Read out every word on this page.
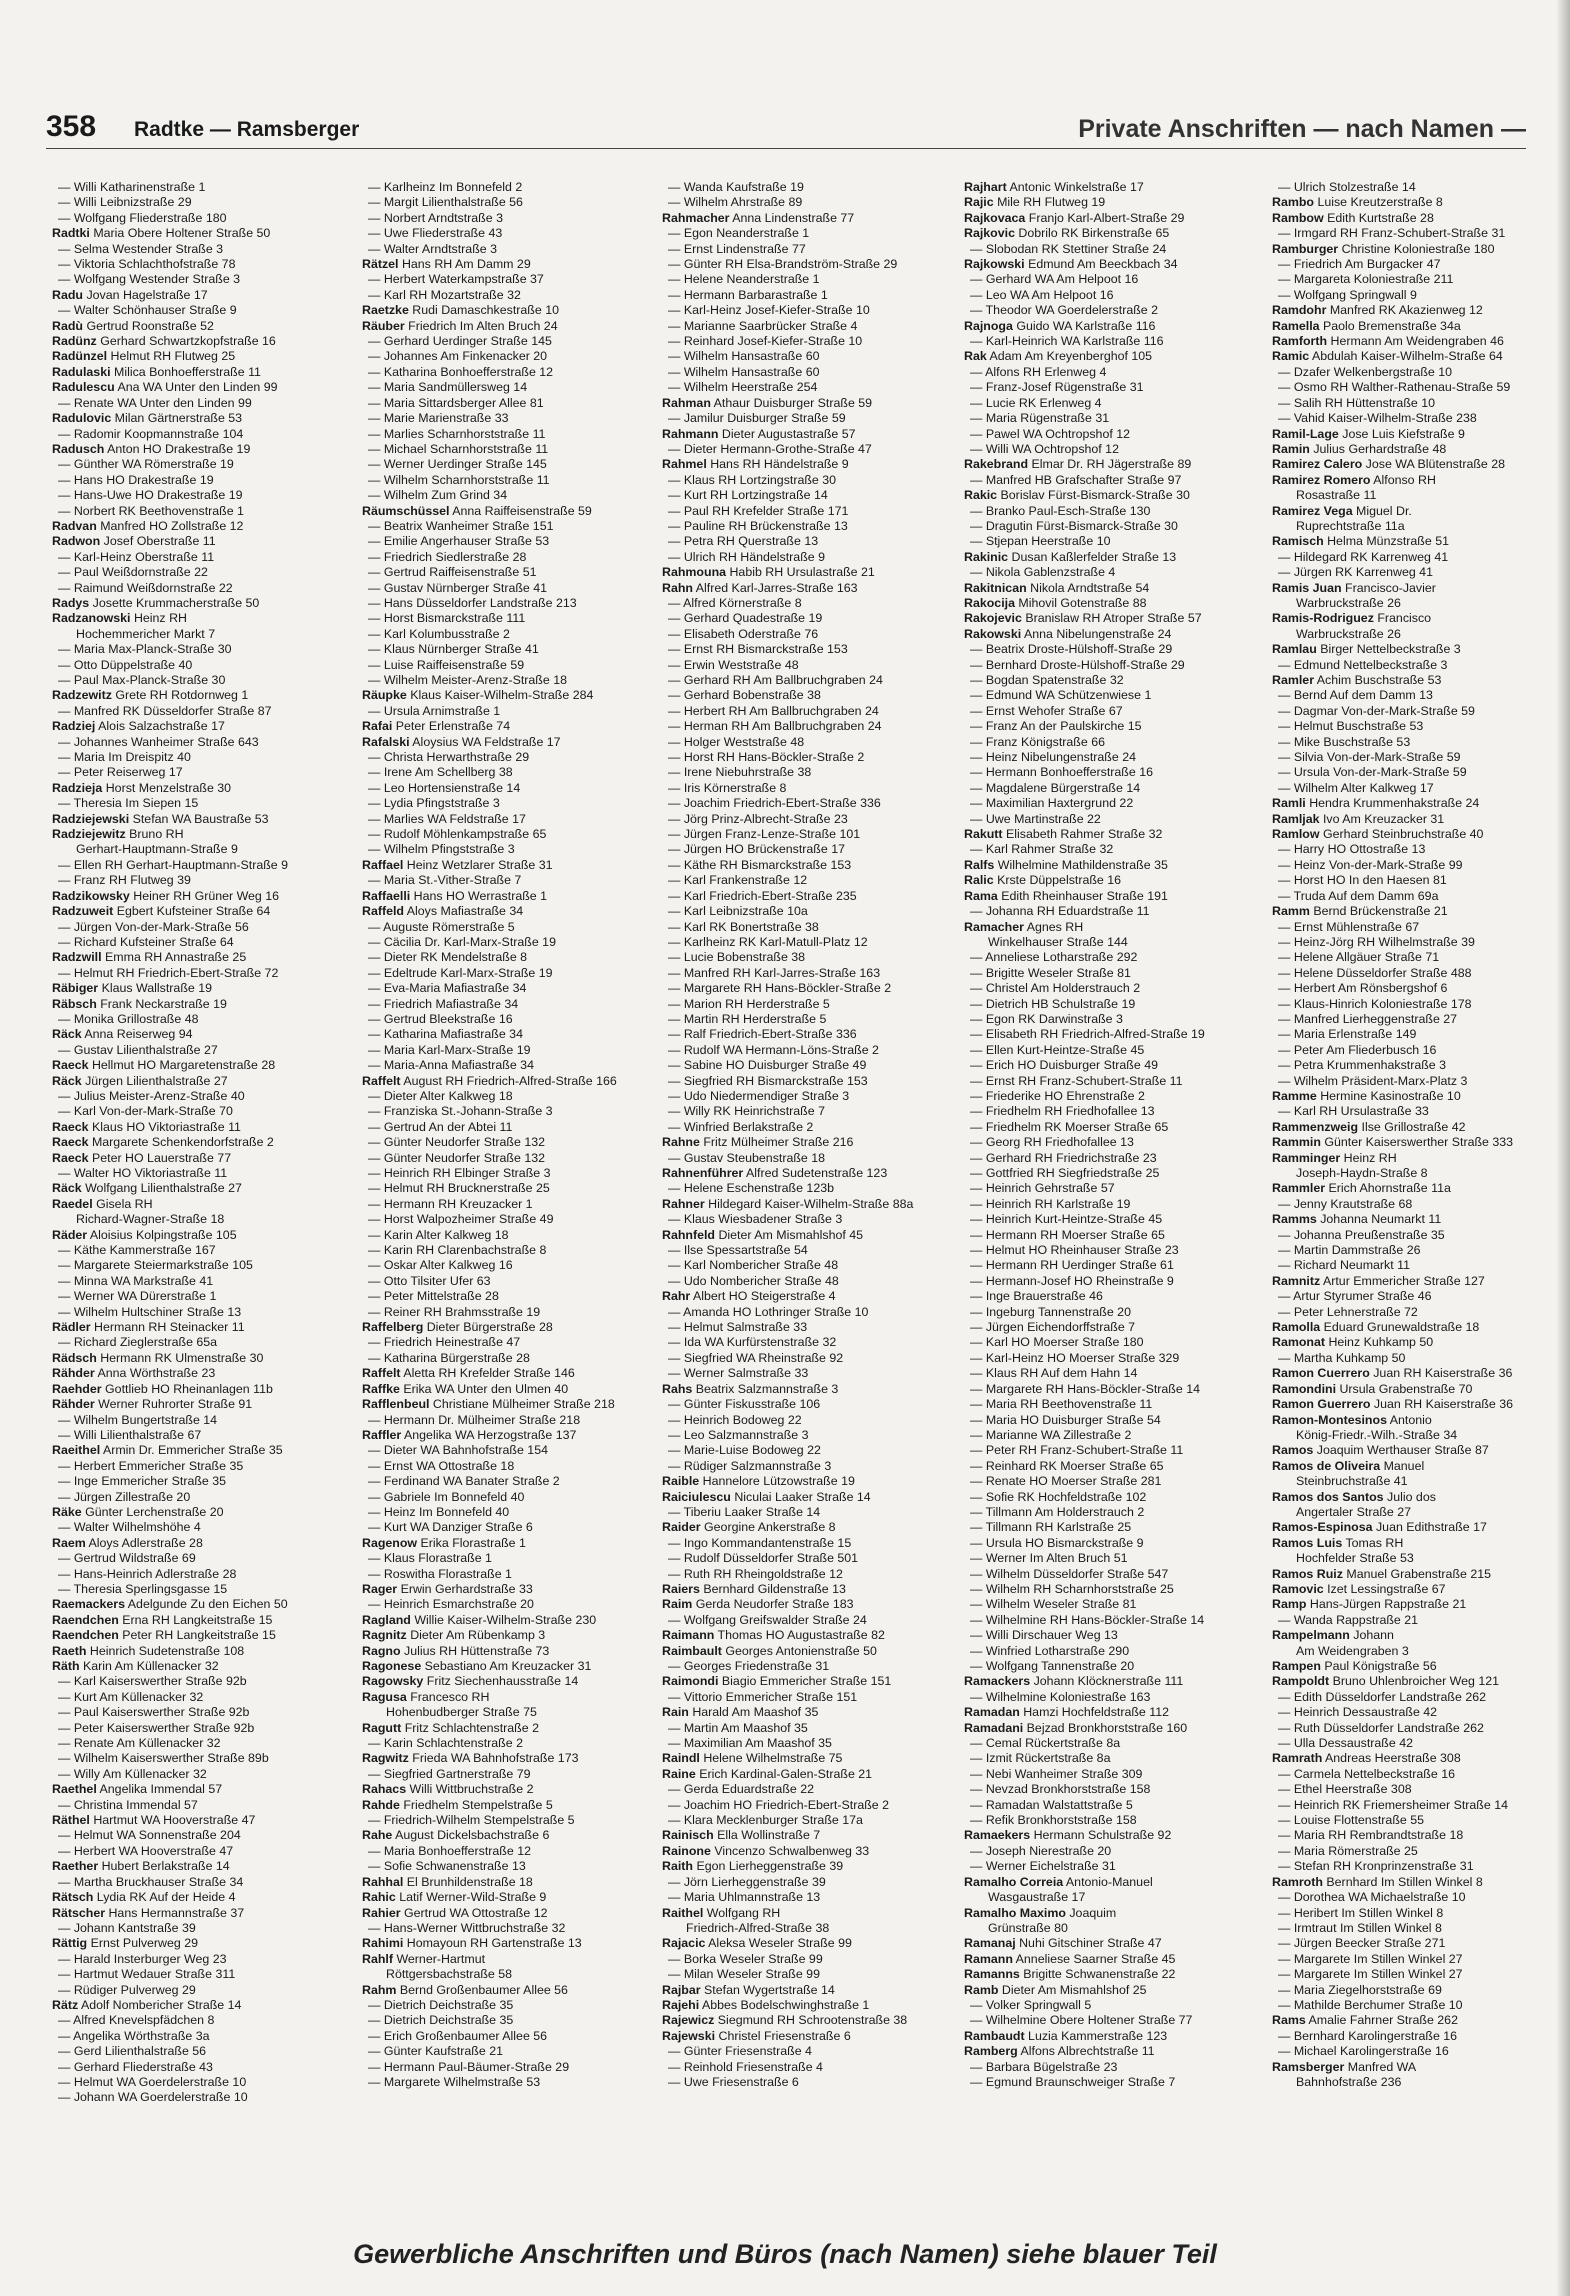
358 Radtke — Ramsberger	Private Anschriften — nach Namen —
— Willi Katharinenstraße 1
— Willi Leibnizstraße 29
— Wolfgang Fliederstraße 180
Radtki Maria Obere Holtener Straße 50
— Selma Westender Straße 3
— Viktoria Schlachthofstraße 78
— Wolfgang Westender Straße 3
Radu Jovan Hagelstraße 17
— Walter Schönhauser Straße 9
Radù Gertrud Roonstraße 52
Radünz Gerhard Schwartzkopfstraße 16
Radünzel Helmut RH Flutweg 25
Radulaski Milica Bonhoefferstraße 11
Radulescu Ana WA Unter den Linden 99
— Renate WA Unter den Linden 99
Radulovic Milan Gärtnerstraße 53
— Radomir Koopmannstraße 104
Radusch Anton HO Drakestraße 19
— Günther WA Römerstraße 19
— Hans HO Drakestraße 19
— Hans-Uwe HO Drakestraße 19
— Norbert RK Beethovenstraße 1
Radvan Manfred HO Zollstraße 12
Radwon Josef Oberstraße 11
— Karl-Heinz Oberstraße 11
— Paul Weißdornstraße 22
— Raimund Weißdornstraße 22
Radys Josette Krummacherstraße 50
Radzanowski Heinz RH
Hochemmericher Markt 7
— Maria Max-Planck-Straße 30
— Otto Düppelstraße 40
— Paul Max-Planck-Straße 30
Radzewitz Grete RH Rotdornweg 1
— Manfred RK Düsseldorfer Straße 87
Radziej Alois Salzachstraße 17
— Johannes Wanheimer Straße 643
— Maria Im Dreispitz 40
— Peter Reiserweg 17
Radzieja Horst Menzelstraße 30
— Theresia Im Siepen 15
Radziejewski Stefan WA Baustraße 53
Radziejewitz Bruno RH
Gerhart-Hauptmann-Straße 9
— Ellen RH Gerhart-Hauptmann-Straße 9
— Franz RH Flutweg 39
Radzikowsky Heiner RH Grüner Weg 16
Radzuweit Egbert Kufsteiner Straße 64
— Jürgen Von-der-Mark-Straße 56
— Richard Kufsteiner Straße 64
Radzwill Emma RH Annastraße 25
— Helmut RH Friedrich-Ebert-Straße 72
Räbiger Klaus Wallstraße 19
Räbsch Frank Neckarstraße 19
— Monika Grillostraße 48
Räck Anna Reiserweg 94
— Gustav Lilienthalstraße 27
Raeck Hellmut HO Margaretenstraße 28
Räck Jürgen Lilienthalstraße 27
— Julius Meister-Arenz-Straße 40
— Karl Von-der-Mark-Straße 70
Raeck Klaus HO Viktoriastraße 11
Raeck Margarete Schenkendorfstraße 2
Raeck Peter HO Lauerstraße 77
— Walter HO Viktoriastraße 11
Räck Wolfgang Lilienthalstraße 27
Raedel Gisela RH
Richard-Wagner-Straße 18
Räder Aloisius Kolpingstraße 105
— Käthe Kammerstraße 167
— Margarete Steiermarkstraße 105
— Minna WA Markstraße 41
— Werner WA Dürerstraße 1
— Wilhelm Hultschiner Straße 13
Rädler Hermann RH Steinacker 11
— Richard Zieglerstraße 65a
Rädsch Hermann RK Ulmenstraße 30
Rähder Anna Wörthstraße 23
Raehder Gottlieb HO Rheinanlagen 11b
Rähder Werner Ruhrorter Straße 91
— Wilhelm Bungertstraße 14
— Willi Lilienthalstraße 67
Raeithel Armin Dr. Emmericher Straße 35
— Herbert Emmericher Straße 35
— Inge Emmericher Straße 35
— Jürgen Zillestraße 20
Räke Günter Lerchenstraße 20
— Walter Wilhelmshöhe 4
Raem Aloys Adlerstraße 28
— Gertrud Wildstraße 69
— Hans-Heinrich Adlerstraße 28
— Theresia Sperlingsgasse 15
Raemackers Adelgunde Zu den Eichen 50
Raendchen Erna RH Langkeitstraße 15
Raendchen Peter RH Langkeitstraße 15
Raeth Heinrich Sudetenstraße 108
Räth Karin Am Küllenacker 32
— Karl Kaiserswerther Straße 92b
— Kurt Am Küllenacker 32
— Paul Kaiserswerther Straße 92b
— Peter Kaiserswerther Straße 92b
— Renate Am Küllenacker 32
— Wilhelm Kaiserswerther Straße 89b
— Willy Am Küllenacker 32
Raethel Angelika Immendal 57
— Christina Immendal 57
Räthel Hartmut WA Hooverstraße 47
— Helmut WA Sonnenstraße 204
— Herbert WA Hooverstraße 47
Raether Hubert Berlakstraße 14
— Martha Bruckhauser Straße 34
Rätsch Lydia RK Auf der Heide 4
Rätscher Hans Hermannstraße 37
— Johann Kantstraße 39
Rättig Ernst Pulverweg 29
— Harald Insterburger Weg 23
— Hartmut Wedauer Straße 311
— Rüdiger Pulverweg 29
Rätz Adolf Nombericher Straße 14
— Alfred Knevelspfädchen 8
— Angelika Wörthstraße 3a
— Gerd Lilienthalstraße 56
— Gerhard Fliederstraße 43
— Helmut WA Goerdelerstraße 10
— Johann WA Goerdelerstraße 10
— Karlheinz Im Bonnefeld 2
— Margit Lilienthalstraße 56
— Norbert Arndtstraße 3
— Uwe Fliederstraße 43
— Walter Arndtstraße 3
Rätzel Hans RH Am Damm 29
— Herbert Waterkampstraße 37
— Karl RH Mozartstraße 32
Raetzke Rudi Damaschkestraße 10
Räuber Friedrich Im Alten Bruch 24
— Gerhard Uerdinger Straße 145
— Johannes Am Finkenacker 20
— Katharina Bonhoefferstraße 12
— Maria Sandmüllersweg 14
— Maria Sittardsberger Allee 81
— Marie Marienstraße 33
— Marlies Scharnhorststraße 11
— Michael Scharnhorststraße 11
— Werner Uerdinger Straße 145
— Wilhelm Scharnhorststraße 11
— Wilhelm Zum Grind 34
Räumschüssel Anna Raiffeisenstraße 59
— Beatrix Wanheimer Straße 151
— Emilie Angerhauser Straße 53
— Friedrich Siedlerstraße 28
— Gertrud Raiffeisenstraße 51
— Gustav Nürnberger Straße 41
— Hans Düsseldorfer Landstraße 213
— Horst Bismarckstraße 111
— Karl Kolumbusstraße 2
— Klaus Nürnberger Straße 41
— Luise Raiffeisenstraße 59
— Wilhelm Meister-Arenz-Straße 18
Räupke Klaus Kaiser-Wilhelm-Straße 284
— Ursula Arnimstraße 1
Rafai Peter Erlenstraße 74
Rafalski Aloysius WA Feldstraße 17
— Christa Herwarthstraße 29
— Irene Am Schellberg 38
— Leo Hortensienstraße 14
— Lydia Pfingststraße 3
— Marlies WA Feldstraße 17
— Rudolf Möhlenkampstraße 65
— Wilhelm Pfingststraße 3
Raffael Heinz Wetzlarer Straße 31
— Maria St.-Vither-Straße 7
Raffaelli Hans HO Werrastraße 1
Raffeld Aloys Mafiastraße 34
— Auguste Römerstraße 5
— Cäcilia Dr. Karl-Marx-Straße 19
— Dieter RK Mendelstraße 8
— Edeltrude Karl-Marx-Straße 19
— Eva-Maria Mafiastraße 34
— Friedrich Mafiastraße 34
— Gertrud Bleekstraße 16
— Katharina Mafiastraße 34
— Maria Karl-Marx-Straße 19
— Maria-Anna Mafiastraße 34
Raffelt August RH Friedrich-Alfred-Straße 166
— Dieter Alter Kalkweg 18
— Franziska St.-Johann-Straße 3
— Gertrud An der Abtei 11
— Günter Neudorfer Straße 132
— Günter Neudorfer Straße 132
— Heinrich RH Elbinger Straße 3
— Helmut RH Brucknerstraße 25
— Hermann RH Kreuzacker 1
— Horst Walpozheimer Straße 49
— Karin Alter Kalkweg 18
— Karin RH Clarenbachstraße 8
— Oskar Alter Kalkweg 16
— Otto Tilsiter Ufer 63
— Peter Mittelstraße 28
— Reiner RH Brahmsstraße 19
Raffelberg Dieter Bürgerstraße 28
— Friedrich Heinestraße 47
— Katharina Bürgerstraße 28
Raffelt Aletta RH Krefelder Straße 146
Raffke Erika WA Unter den Ulmen 40
Rafflenbeul Christiane Mülheimer Straße 218
— Hermann Dr. Mülheimer Straße 218
Raffler Angelika WA Herzogstraße 137
— Dieter WA Bahnhofstraße 154
— Ernst WA Ottostraße 18
— Ferdinand WA Banater Straße 2
— Gabriele Im Bonnefeld 40
— Heinz Im Bonnefeld 40
— Kurt WA Danziger Straße 6
Ragenow Erika Florastraße 1
— Klaus Florastraße 1
— Roswitha Florastraße 1
Rager Erwin Gerhardstraße 33
— Heinrich Esmarchstraße 20
Ragland Willie Kaiser-Wilhelm-Straße 230
Ragnitz Dieter Am Rübenkamp 3
Ragno Julius RH Hüttenstraße 73
Ragonese Sebastiano Am Kreuzacker 31
Ragowsky Fritz Siechenhausstraße 14
Ragusa Francesco RH
Hohenbudberger Straße 75
Ragutt Fritz Schlachtenstraße 2
— Karin Schlachtenstraße 2
Ragwitz Frieda WA Bahnhofstraße 173
— Siegfried Gartnerstraße 79
Rahacs Willi Wittbruchstraße 2
Rahde Friedhelm Stempelstraße 5
— Friedrich-Wilhelm Stempelstraße 5
Rahe August Dickelsbachstraße 6
— Maria Bonhoefferstraße 12
— Sofie Schwanenstraße 13
Rahhal El Brunhildenstraße 18
Rahic Latif Werner-Wild-Straße 9
Rahier Gertrud WA Ottostraße 12
— Hans-Werner Wittbruchstraße 32
Rahimi Homayoun RH Gartenstraße 13
Rahlf Werner-Hartmut
Röttgersbachstraße 58
Rahm Bernd Großenbaumer Allee 56
— Dietrich Deichstraße 35
— Dietrich Deichstraße 35
— Erich Großenbaumer Allee 56
— Günter Kaufstraße 21
— Hermann Paul-Bäumer-Straße 29
— Margarete Wilhelmstraße 53
— Wanda Kaufstraße 19
— Wilhelm Ahrstraße 89
Rahmacher Anna Lindenstraße 77
— Egon Neanderstraße 1
— Ernst Lindenstraße 77
— Günter RH Elsa-Brandström-Straße 29
— Helene Neanderstraße 1
— Hermann Barbarastraße 1
— Karl-Heinz Josef-Kiefer-Straße 10
— Marianne Saarbrücker Straße 4
— Reinhard Josef-Kiefer-Straße 10
— Wilhelm Hansastraße 60
— Wilhelm Hansastraße 60
— Wilhelm Heerstraße 254
Rahman Athaur Duisburger Straße 59
— Jamilur Duisburger Straße 59
Rahmann Dieter Augustastraße 57
— Dieter Hermann-Grothe-Straße 47
Rahmel Hans RH Händelstraße 9
— Klaus RH Lortzingstraße 30
— Kurt RH Lortzingstraße 14
— Paul RH Krefelder Straße 171
— Pauline RH Brückenstraße 13
— Petra RH Querstraße 13
— Ulrich RH Händelstraße 9
Rahmouna Habib RH Ursulastraße 21
Rahn Alfred Karl-Jarres-Straße 163
— Alfred Körnerstraße 8
— Gerhard Quadestraße 19
— Elisabeth Oderstraße 76
— Ernst RH Bismarckstraße 153
— Erwin Weststraße 48
— Gerhard RH Am Ballbruchgraben 24
— Gerhard Bobenstraße 38
— Herbert RH Am Ballbruchgraben 24
— Herman RH Am Ballbruchgraben 24
— Holger Weststraße 48
— Horst RH Hans-Böckler-Straße 2
— Irene Niebuhrstraße 38
— Iris Körnerstraße 8
— Joachim Friedrich-Ebert-Straße 336
— Jörg Prinz-Albrecht-Straße 23
— Jürgen Franz-Lenze-Straße 101
— Jürgen HO Brückenstraße 17
— Käthe RH Bismarckstraße 153
— Karl Frankenstraße 12
— Karl Friedrich-Ebert-Straße 235
— Karl Leibnizstraße 10a
— Karl RK Bonertstraße 38
— Karlheinz RK Karl-Matull-Platz 12
— Lucie Bobenstraße 38
— Manfred RH Karl-Jarres-Straße 163
— Margarete RH Hans-Böckler-Straße 2
— Marion RH Herderstraße 5
— Martin RH Herderstraße 5
— Ralf Friedrich-Ebert-Straße 336
— Rudolf WA Hermann-Löns-Straße 2
— Sabine HO Duisburger Straße 49
— Siegfried RH Bismarckstraße 153
— Udo Niedermendiger Straße 3
— Willy RK Heinrichstraße 7
— Winfried Berlakstraße 2
Rahne Fritz Mülheimer Straße 216
— Gustav Steubenstraße 18
Rahnenführer Alfred Sudetenstraße 123
— Helene Eschenstraße 123b
Rahner Hildegard Kaiser-Wilhelm-Straße 88a
— Klaus Wiesbadener Straße 3
Rahnfeld Dieter Am Mismahlshof 45
— Ilse Spessartstraße 54
— Karl Nombericher Straße 48
— Udo Nombericher Straße 48
Rahr Albert HO Steigerstraße 4
— Amanda HO Lothringer Straße 10
— Helmut Salmstraße 33
— Ida WA Kurfürstenstraße 32
— Siegfried WA Rheinstraße 92
— Werner Salmstraße 33
Rahs Beatrix Salzmannstraße 3
— Günter Fiskusstraße 106
— Heinrich Bodoweg 22
— Leo Salzmannstraße 3
— Marie-Luise Bodoweg 22
— Rüdiger Salzmannstraße 3
Raible Hannelore Lützowstraße 19
Raiciulescu Niculai Laaker Straße 14
— Tiberiu Laaker Straße 14
Raider Georgine Ankerstraße 8
— Ingo Kommandantenstraße 15
— Rudolf Düsseldorfer Straße 501
— Ruth RH Rheingoldstraße 12
Raiers Bernhard Gildenstraße 13
Raim Gerda Neudorfer Straße 183
— Wolfgang Greifswalder Straße 24
Raimann Thomas HO Augustastraße 82
Raimbault Georges Antonienstraße 50
— Georges Friedenstraße 31
Raimondi Biagio Emmericher Straße 151
— Vittorio Emmericher Straße 151
Rain Harald Am Maashof 35
— Martin Am Maashof 35
— Maximilian Am Maashof 35
Raindl Helene Wilhelmstraße 75
Raine Erich Kardinal-Galen-Straße 21
— Gerda Eduardstraße 22
— Joachim HO Friedrich-Ebert-Straße 2
— Klara Mecklenburger Straße 17a
Rainisch Ella Wollinstraße 7
Rainone Vincenzo Schwalbenweg 33
Raith Egon Lierheggenstraße 39
— Jörn Lierheggenstraße 39
— Maria Uhlmannstraße 13
Raithel Wolfgang RH
Friedrich-Alfred-Straße 38
Rajacic Aleksa Weseler Straße 99
— Borka Weseler Straße 99
— Milan Weseler Straße 99
Rajbar Stefan Wygertstraße 14
Rajehi Abbes Bodelschwinghstraße 1
Rajewicz Siegmund RH Schrootenstraße 38
Rajewski Christel Friesenstraße 6
— Günter Friesenstraße 4
— Reinhold Friesenstraße 4
— Uwe Friesenstraße 6
Rajhart Antonic Winkelstraße 17
Rajic Mile RH Flutweg 19
Rajkovaca Franjo Karl-Albert-Straße 29
Rajkovic Dobrilo RK Birkenstraße 65
— Slobodan RK Stettiner Straße 24
Rajkowski Edmund Am Beeckbach 34
— Gerhard WA Am Helpoot 16
— Leo WA Am Helpoot 16
— Theodor WA Goerdelerstraße 2
Rajnoga Guido WA Karlstraße 116
— Karl-Heinrich WA Karlstraße 116
Rak Adam Am Kreyenberghof 105
— Alfons RH Erlenweg 4
— Franz-Josef Rügenstraße 31
— Lucie RK Erlenweg 4
— Maria Rügenstraße 31
— Pawel WA Ochtropshof 12
— Willi WA Ochtropshof 12
Rakebrand Elmar Dr. RH Jägerstraße 89
— Manfred HB Grafschafter Straße 97
Rakic Borislav Fürst-Bismarck-Straße 30
— Branko Paul-Esch-Straße 130
— Dragutin Fürst-Bismarck-Straße 30
— Stjepan Heerstraße 10
Rakinic Dusan Kaßlerfelder Straße 13
— Nikola Gablenzstraße 4
Rakitnican Nikola Arndtstraße 54
Rakocija Mihovil Gotenstraße 88
Rakojevic Branislaw RH Atroper Straße 57
Rakowski Anna Nibelungenstraße 24
— Beatrix Droste-Hülshoff-Straße 29
— Bernhard Droste-Hülshoff-Straße 29
— Bogdan Spatenstraße 32
— Edmund WA Schützenwiese 1
— Ernst Wehofer Straße 67
— Franz An der Paulskirche 15
— Franz Königstraße 66
— Heinz Nibelungenstraße 24
— Hermann Bonhoefferstraße 16
— Magdalene Bürgerstraße 14
— Maximilian Haxtergrund 22
— Uwe Martinstraße 22
Rakutt Elisabeth Rahmer Straße 32
— Karl Rahmer Straße 32
Ralfs Wilhelmine Mathildenstraße 35
Ralic Krste Düppelstraße 16
Rama Edith Rheinhauser Straße 191
— Johanna RH Eduardstraße 11
Ramacher Agnes RH
Winkelhauser Straße 144
— Anneliese Lotharstraße 292
— Brigitte Weseler Straße 81
— Christel Am Holderstrauch 2
— Dietrich HB Schulstraße 19
— Egon RK Darwinstraße 3
— Elisabeth RH Friedrich-Alfred-Straße 19
— Ellen Kurt-Heintze-Straße 45
— Erich HO Duisburger Straße 49
— Ernst RH Franz-Schubert-Straße 11
— Friederike HO Ehrenstraße 2
— Friedhelm RH Friedhofallee 13
— Friedhelm RK Moerser Straße 65
— Georg RH Friedhofallee 13
— Gerhard RH Friedrichstraße 23
— Gottfried RH Siegfriedstraße 25
— Heinrich Gehrstraße 57
— Heinrich RH Karlstraße 19
— Heinrich Kurt-Heintze-Straße 45
— Hermann RH Moerser Straße 65
— Helmut HO Rheinhauser Straße 23
— Hermann RH Uerdinger Straße 61
— Hermann-Josef HO Rheinstraße 9
— Inge Brauerstraße 46
— Ingeburg Tannenstraße 20
— Jürgen Eichendorffstraße 7
— Karl HO Moerser Straße 180
— Karl-Heinz HO Moerser Straße 329
— Klaus RH Auf dem Hahn 14
— Margarete RH Hans-Böckler-Straße 14
— Maria RH Beethovenstraße 11
— Maria HO Duisburger Straße 54
— Marianne WA Zillestraße 2
— Peter RH Franz-Schubert-Straße 11
— Reinhard RK Moerser Straße 65
— Renate HO Moerser Straße 281
— Sofie RK Hochfeldstraße 102
— Tillmann Am Holderstrauch 2
— Tillmann RH Karlstraße 25
— Ursula HO Bismarckstraße 9
— Werner Im Alten Bruch 51
— Wilhelm Düsseldorfer Straße 547
— Wilhelm RH Scharnhorststraße 25
— Wilhelm Weseler Straße 81
— Wilhelmine RH Hans-Böckler-Straße 14
— Willi Dirschauer Weg 13
— Winfried Lotharstraße 290
— Wolfgang Tannenstraße 20
Ramackers Johann Klöcknerstraße 111
— Wilhelmine Koloniestraße 163
Ramadan Hamzi Hochfeldstraße 112
Ramadani Bejzad Bronkhorststraße 160
— Cemal Rückertstraße 8a
— Izmit Rückertstraße 8a
— Nebi Wanheimer Straße 309
— Nevzad Bronkhorststraße 158
— Ramadan Walstattstraße 5
— Refik Bronkhorststraße 158
Ramaekers Hermann Schulstraße 92
— Joseph Nierestraße 20
— Werner Eichelstraße 31
Ramalho Correia Antonio-Manuel
Wasgaustraße 17
Ramalho Maximo Joaquim
Grünstraße 80
Ramanaj Nuhi Gitschiner Straße 47
Ramann Anneliese Saarner Straße 45
Ramanns Brigitte Schwanenstraße 22
Ramb Dieter Am Mismahlshof 25
— Volker Springwall 5
— Wilhelmine Obere Holtener Straße 77
Rambaudt Luzia Kammerstraße 123
Ramberg Alfons Albrechtstraße 11
— Barbara Bügelstraße 23
— Egmund Braunschweiger Straße 7
— Ulrich Stolzestraße 14
Rambo Luise Kreutzerstraße 8
Rambow Edith Kurtstraße 28
— Irmgard RH Franz-Schubert-Straße 31
Ramburger Christine Koloniestraße 180
— Friedrich Am Burgacker 47
— Margareta Koloniestraße 211
— Wolfgang Springwall 9
Ramdohr Manfred RK Akazienweg 12
Ramella Paolo Bremenstraße 34a
Ramforth Hermann Am Weidengraben 46
Ramic Abdulah Kaiser-Wilhelm-Straße 64
— Dzafer Welkenbergstraße 10
— Osmo RH Walther-Rathenau-Straße 59
— Salih RH Hüttenstraße 10
— Vahid Kaiser-Wilhelm-Straße 238
Ramil-Lage Jose Luis Kiefstraße 9
Ramin Julius Gerhardstraße 48
Ramirez Calero Jose WA Blütenstraße 28
Ramirez Romero Alfonso RH
Rosastraße 11
Ramirez Vega Miguel Dr.
Ruprechtstraße 11a
Ramisch Helma Münzstraße 51
— Hildegard RK Karrenweg 41
— Jürgen RK Karrenweg 41
Ramis Juan Francisco-Javier
Warbruckstraße 26
Ramis-Rodriguez Francisco
Warbruckstraße 26
Ramlau Birger Nettelbeckstraße 3
— Edmund Nettelbeckstraße 3
Ramler Achim Buschstraße 53
— Bernd Auf dem Damm 13
— Dagmar Von-der-Mark-Straße 59
— Helmut Buschstraße 53
— Mike Buschstraße 53
— Silvia Von-der-Mark-Straße 59
— Ursula Von-der-Mark-Straße 59
— Wilhelm Alter Kalkweg 17
Ramli Hendra Krummenhakstraße 24
Ramljak Ivo Am Kreuzacker 31
Ramlow Gerhard Steinbruchstraße 40
— Harry HO Ottostraße 13
— Heinz Von-der-Mark-Straße 99
— Horst HO In den Haesen 81
— Truda Auf dem Damm 69a
Ramm Bernd Brückenstraße 21
— Ernst Mühlenstraße 67
— Heinz-Jörg RH Wilhelmstraße 39
— Helene Allgäuer Straße 71
— Helene Düsseldorfer Straße 488
— Herbert Am Rönsbergshof 6
— Klaus-Hinrich Koloniestraße 178
— Manfred Lierheggenstraße 27
— Maria Erlenstraße 149
— Peter Am Fliederbusch 16
— Petra Krummenhakstraße 3
— Wilhelm Präsident-Marx-Platz 3
Ramme Hermine Kasinostraße 10
— Karl RH Ursulastraße 33
Rammenzweig Ilse Grillostraße 42
Rammin Günter Kaiserswerther Straße 333
Ramminger Heinz RH
Joseph-Haydn-Straße 8
Rammler Erich Ahornstraße 11a
— Jenny Krautstraße 68
Ramms Johanna Neumarkt 11
— Johanna Preußenstraße 35
— Martin Dammstraße 26
— Richard Neumarkt 11
Ramnitz Artur Emmericher Straße 127
— Artur Styrumer Straße 46
— Peter Lehnerstraße 72
Ramolla Eduard Grunewaldstraße 18
Ramonat Heinz Kuhkamp 50
— Martha Kuhkamp 50
Ramon Cuerrero Juan RH Kaiserstraße 36
Ramondini Ursula Grabenstraße 70
Ramon Guerrero Juan RH Kaiserstraße 36
Ramon-Montesinos Antonio
König-Friedr.-Wilh.-Straße 34
Ramos Joaquim Werthauser Straße 87
Ramos de Oliveira Manuel
Steinbruchstraße 41
Ramos dos Santos Julio dos
Angertaler Straße 27
Ramos-Espinosa Juan Edithstraße 17
Ramos Luis Tomas RH
Hochfelder Straße 53
Ramos Ruiz Manuel Grabenstraße 215
Ramovic Izet Lessingstraße 67
Ramp Hans-Jürgen Rappstraße 21
— Wanda Rappstraße 21
Rampelmann Johann
Am Weidengraben 3
Rampen Paul Königstraße 56
Rampoldt Bruno Uhlenbroicher Weg 121
— Edith Düsseldorfer Landstraße 262
— Heinrich Dessaustraße 42
— Ruth Düsseldorfer Landstraße 262
— Ulla Dessaustraße 42
Ramrath Andreas Heerstraße 308
— Carmela Nettelbeckstraße 16
— Ethel Heerstraße 308
— Heinrich RK Friemersheimer Straße 14
— Louise Flottenstraße 55
— Maria RH Rembrandtstraße 18
— Maria Römerstraße 25
— Stefan RH Kronprinzenstraße 31
Ramroth Bernhard Im Stillen Winkel 8
— Dorothea WA Michaelstraße 10
— Heribert Im Stillen Winkel 8
— Irmtraut Im Stillen Winkel 8
— Jürgen Beecker Straße 271
— Margarete Im Stillen Winkel 27
— Margarete Im Stillen Winkel 27
— Maria Ziegelhorststraße 69
— Mathilde Berchumer Straße 10
Rams Amalie Fahrner Straße 262
— Bernhard Karolingerstraße 16
— Michael Karolingerstraße 16
Ramsberger Manfred WA
Bahnhofstraße 236
Gewerbliche Anschriften und Büros (nach Namen) siehe blauer Teil
